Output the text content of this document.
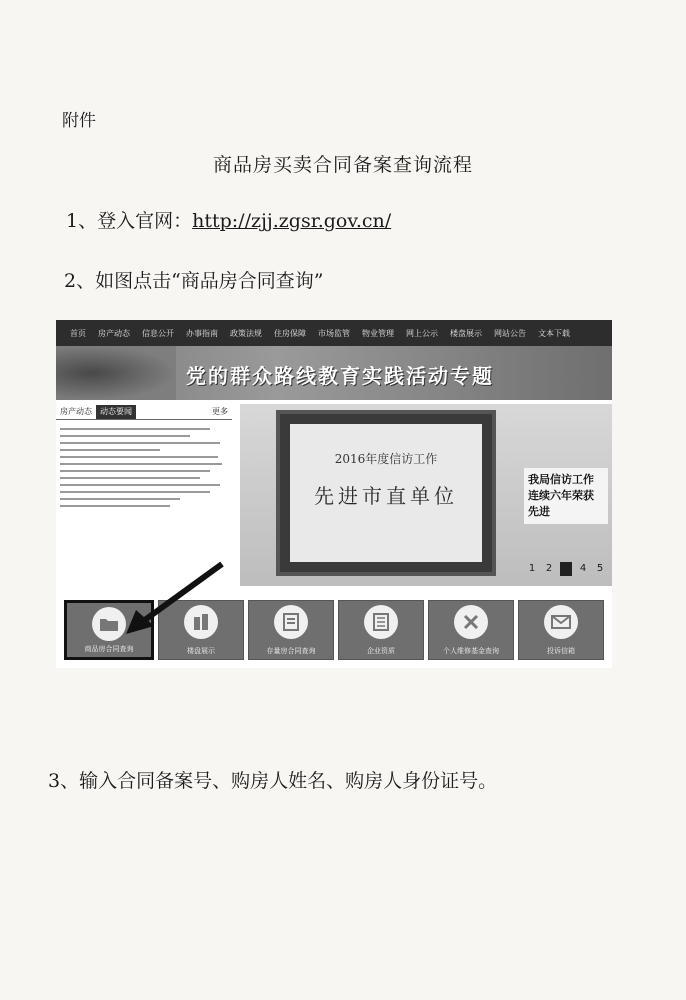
附件
商品房买卖合同备案查询流程
1、登入官网：http://zjj.zgsr.gov.cn/
2、如图点击“商品房合同查询”
首页	房产动态	信息公开	办事指南	政策法规	住房保障	市场监管	物业管理	网上公示	楼盘展示	网站公告	文本下载
党的群众路线教育实践活动专题
房产动态	动态要闻	更多
2016年度信访工作
先进市直单位
我局信访工作连续六年荣获先进
1 2 3 4 5
商品房合同查询	楼盘展示	存量房合同查询	企业资质	个人维修基金查询	投诉信箱
3、输入合同备案号、购房人姓名、购房人身份证号。
